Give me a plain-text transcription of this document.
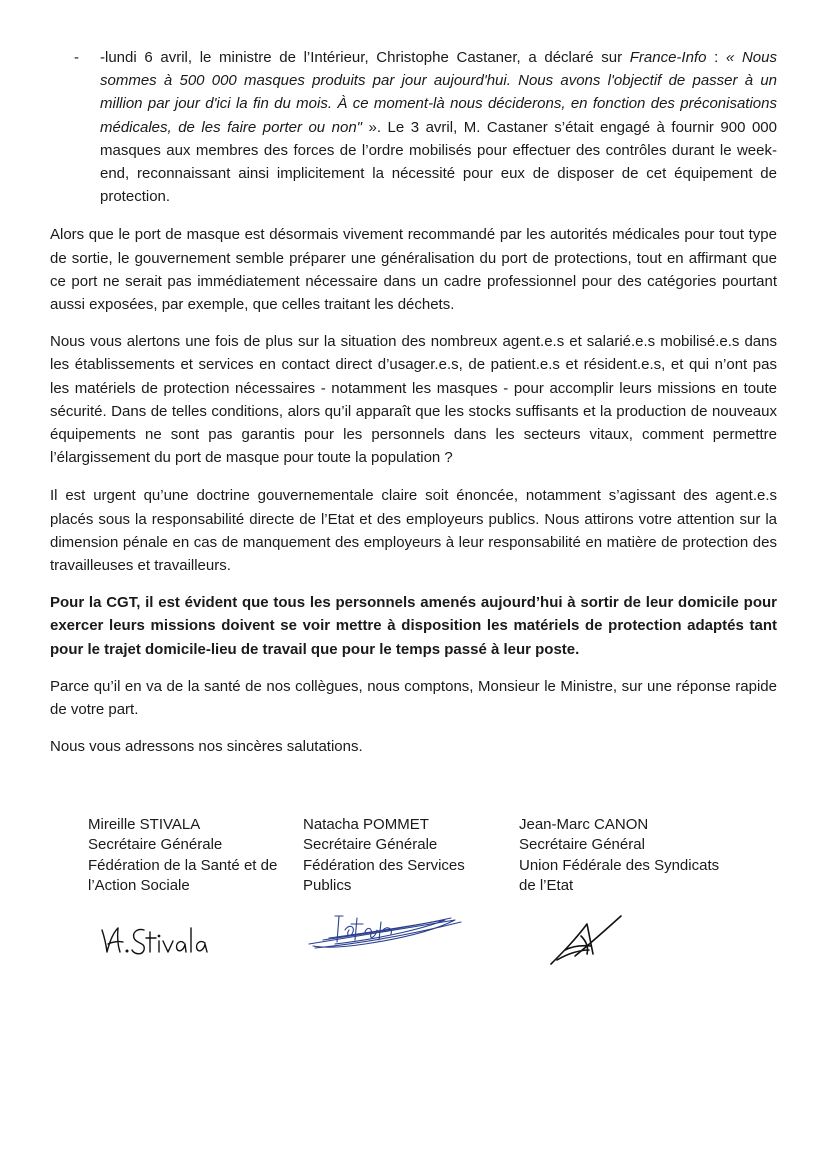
- -lundi 6 avril, le ministre de l’Intérieur, Christophe Castaner, a déclaré sur France-Info : « Nous sommes à 500 000 masques produits par jour aujourd'hui. Nous avons l'objectif de passer à un million par jour d'ici la fin du mois. À ce moment-là nous déciderons, en fonction des préconisations médicales, de les faire porter ou non" ». Le 3 avril, M. Castaner s’était engagé à fournir 900 000 masques aux membres des forces de l’ordre mobilisés pour effectuer des contrôles durant le week-end, reconnaissant ainsi implicitement la nécessité pour eux de disposer de cet équipement de protection.

Alors que le port de masque est désormais vivement recommandé par les autorités médicales pour tout type de sortie, le gouvernement semble préparer une généralisation du port de protections, tout en affirmant que ce port ne serait pas immédiatement nécessaire dans un cadre professionnel pour des catégories pourtant aussi exposées, par exemple, que celles traitant les déchets.

Nous vous alertons une fois de plus sur la situation des nombreux agent.e.s et salarié.e.s mobilisé.e.s dans les établissements et services en contact direct d’usager.e.s, de patient.e.s et résident.e.s, et qui n’ont pas les matériels de protection nécessaires - notamment les masques - pour accomplir leurs missions en toute sécurité. Dans de telles conditions, alors qu’il apparaît que les stocks suffisants et la production de nouveaux équipements ne sont pas garantis pour les personnels dans les secteurs vitaux, comment permettre l’élargissement du port de masque pour toute la population ?

Il est urgent qu’une doctrine gouvernementale claire soit énoncée, notamment s’agissant des agent.e.s placés sous la responsabilité directe de l’Etat et des employeurs publics. Nous attirons votre attention sur la dimension pénale en cas de manquement des employeurs à leur responsabilité en matière de protection des travailleuses et travailleurs.

Pour la CGT, il est évident que tous les personnels amenés aujourd’hui à sortir de leur domicile pour exercer leurs missions doivent se voir mettre à disposition les matériels de protection adaptés tant pour le trajet domicile-lieu de travail que pour le temps passé à leur poste.

Parce qu’il en va de la santé de nos collègues, nous comptons, Monsieur le Ministre, sur une réponse rapide de votre part.

Nous vous adressons nos sincères salutations.

Mireille STIVALA
Secrétaire Générale
Fédération de la Santé et de
l’Action Sociale
Natacha POMMET
Secrétaire Générale
Fédération des Services
Publics
Jean-Marc CANON
Secrétaire Général
Union Fédérale des Syndicats
de l’Etat
